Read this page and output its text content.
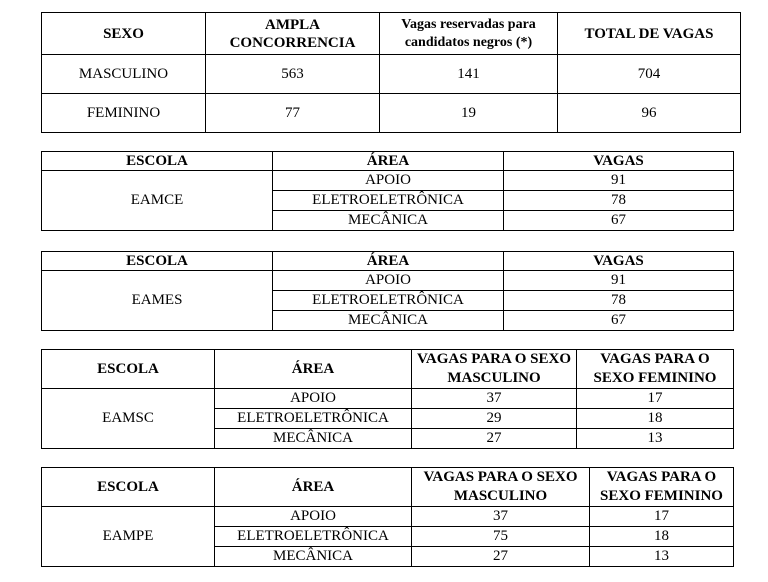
SEXO	AMPLA CONCORRENCIA	Vagas reservadas para candidatos negros (*)	TOTAL DE VAGAS
MASCULINO	563	141	704
FEMININO	77	19	96
ESCOLA	ÁREA	VAGAS
EAMCE	APOIO	91
	ELETROELETRÔNICA	78
	MECÂNICA	67
ESCOLA	ÁREA	VAGAS
EAMES	APOIO	91
	ELETROELETRÔNICA	78
	MECÂNICA	67
ESCOLA	ÁREA	VAGAS PARA O SEXO MASCULINO	VAGAS PARA O SEXO FEMININO
EAMSC	APOIO	37	17
	ELETROELETRÔNICA	29	18
	MECÂNICA	27	13
ESCOLA	ÁREA	VAGAS PARA O SEXO MASCULINO	VAGAS PARA O SEXO FEMININO
EAMPE	APOIO	37	17
	ELETROELETRÔNICA	75	18
	MECÂNICA	27	13
